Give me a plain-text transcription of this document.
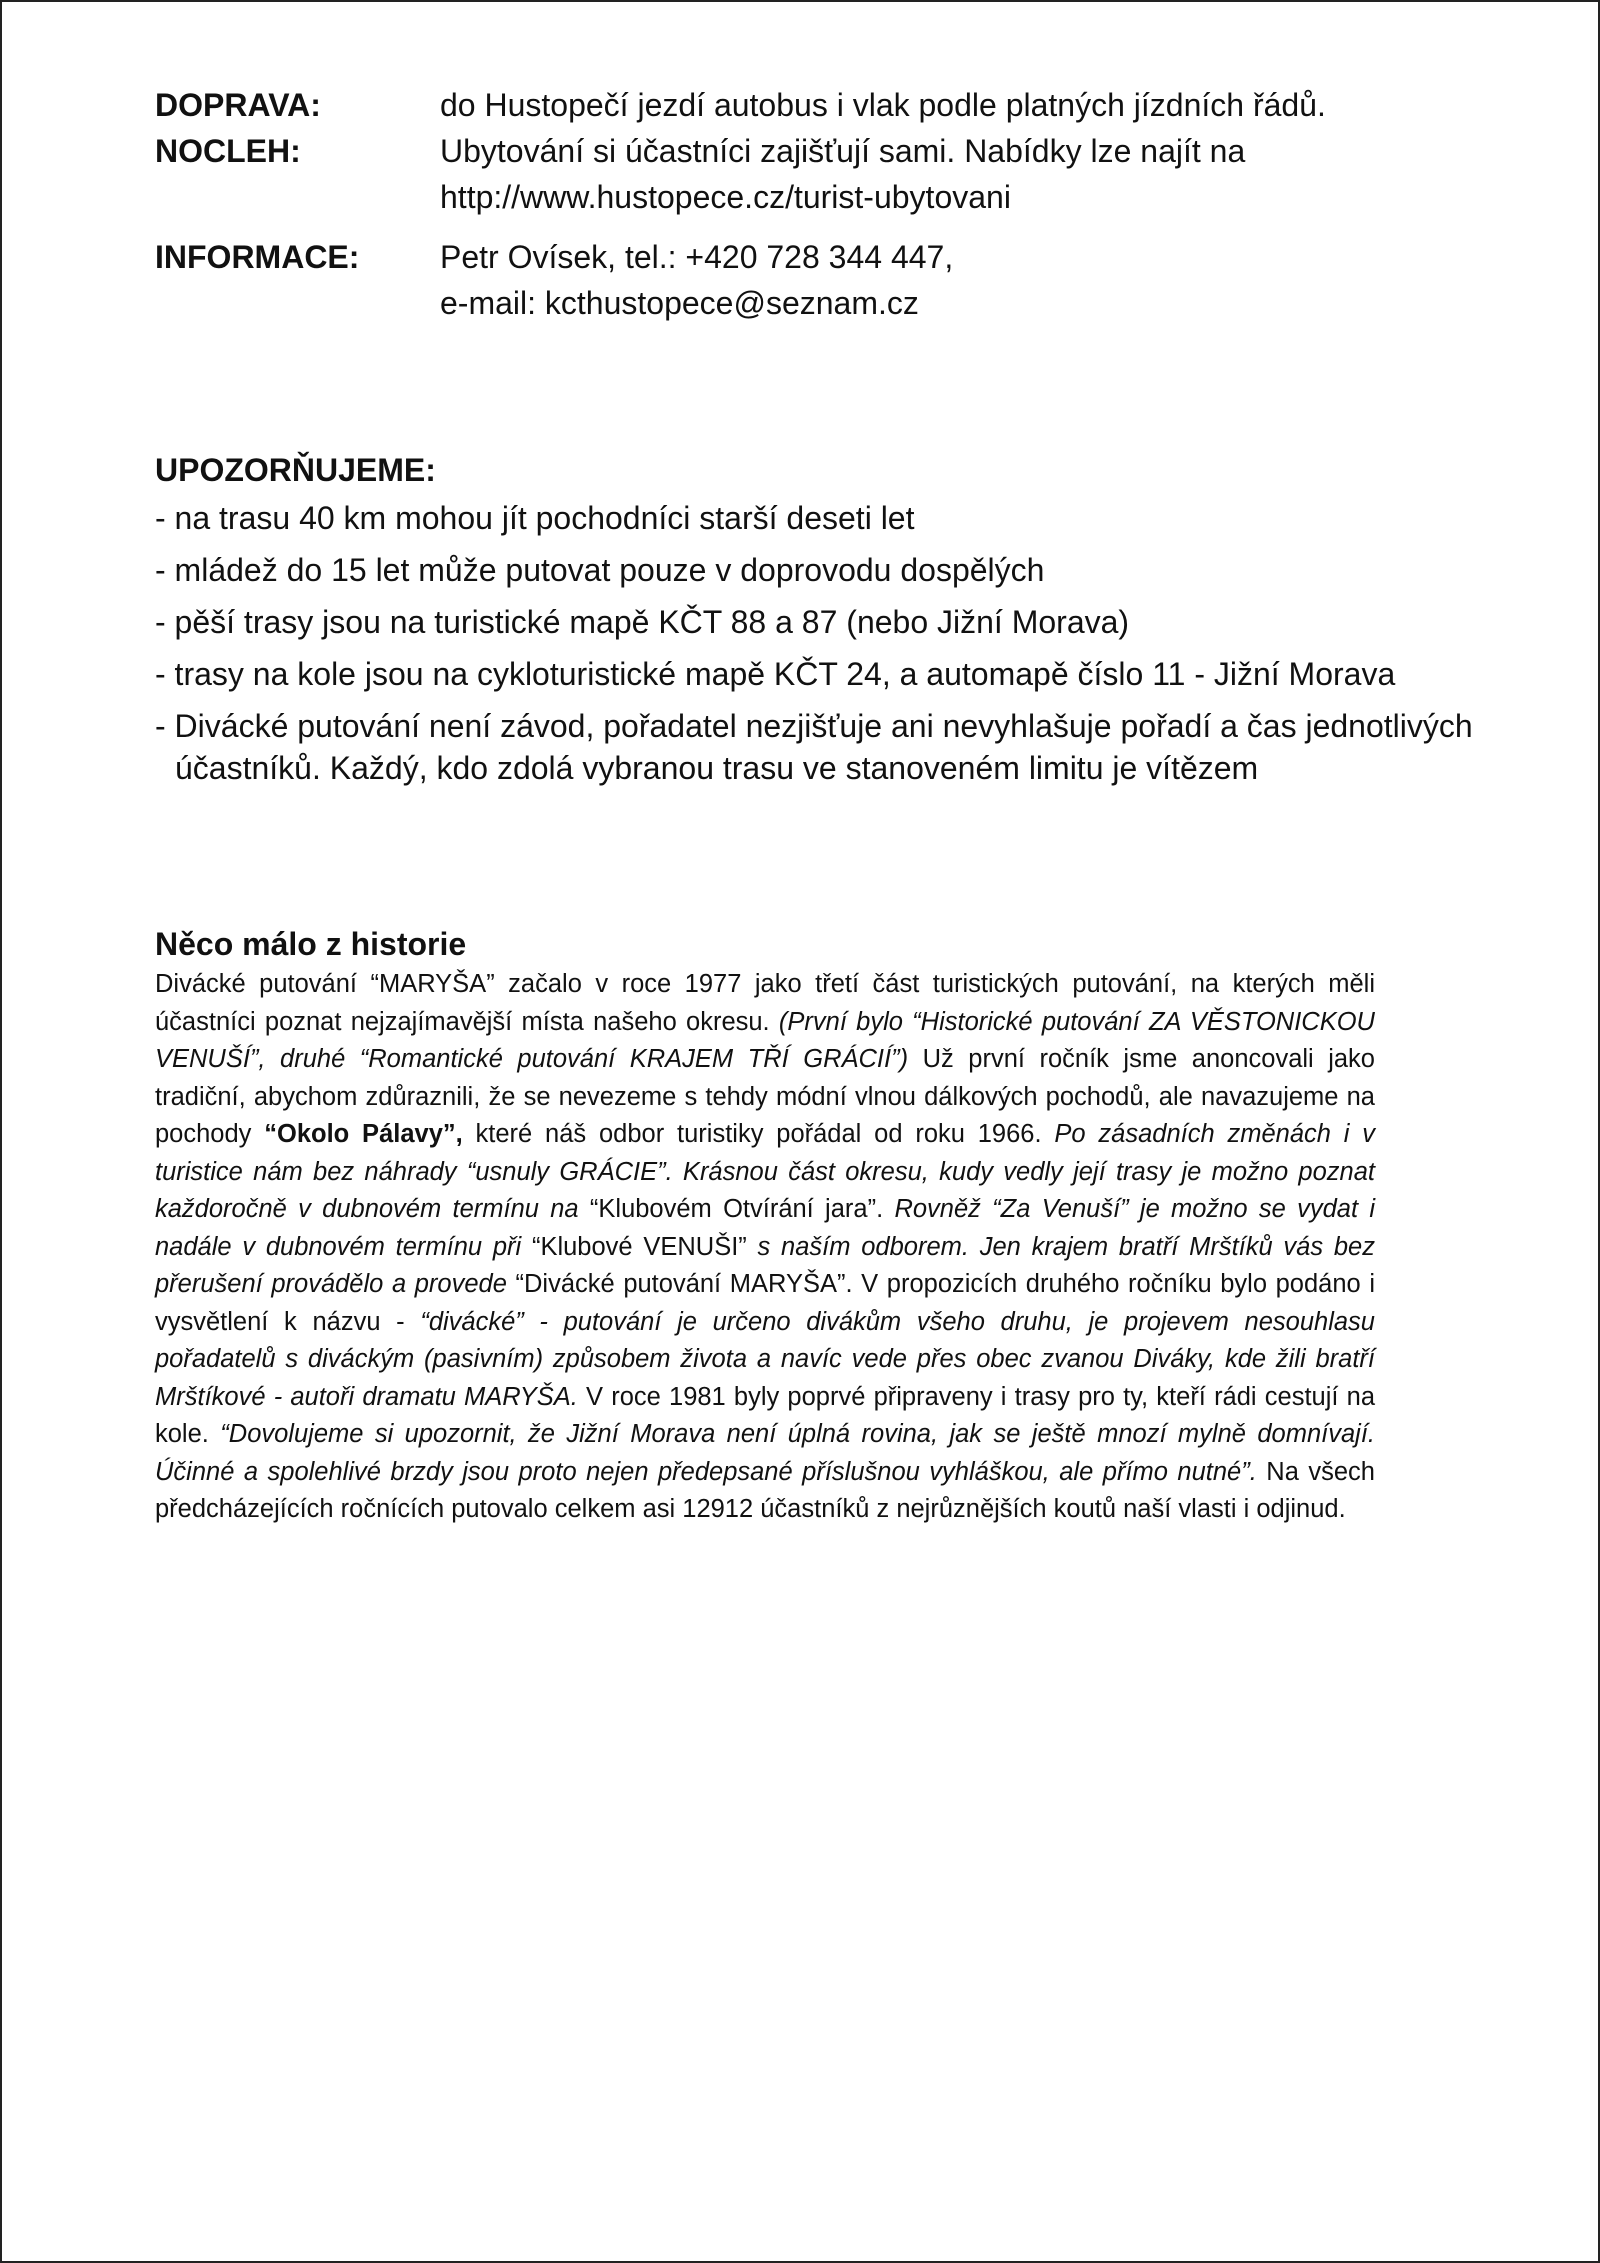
DOPRAVA:	do Hustopečí jezdí autobus i vlak podle platných jízdních řádů.
NOCLEH:	Ubytování si účastníci zajišťují sami. Nabídky lze najít na
http://www.hustopece.cz/turist-ubytovani
INFORMACE:	Petr Ovísek, tel.: +420 728 344 447,
e-mail: kcthustopece@seznam.cz
UPOZORŇUJEME:
- na trasu 40 km mohou jít pochodníci starší deseti let
- mládež do 15 let může putovat pouze v doprovodu dospělých
- pěší trasy jsou na turistické mapě KČT 88 a 87 (nebo Jižní Morava)
- trasy na kole jsou na cykloturistické mapě KČT 24, a automapě číslo 11 - Jižní Morava
- Divácké putování není závod, pořadatel nezjišťuje ani nevyhlašuje pořadí a čas jednotlivých účastníků. Každý, kdo zdolá vybranou trasu ve stanoveném limitu je vítězem
Něco málo z historie

Divácké putování “MARYŠA” začalo v roce 1977 jako třetí část turistických putování, na kterých měli účastníci poznat nejzajímavější místa našeho okresu. (První bylo “Historické putování ZA VĚSTONICKOU VENUŠÍ”, druhé “Romantické putování KRAJEM TŘÍ GRÁCIÍ”) Už první ročník jsme anoncovali jako tradiční, abychom zdůraznili, že se nevezeme s tehdy módní vlnou dálkových pochodů, ale navazujeme na pochody “Okolo Pálavy”, které náš odbor turistiky pořádal od roku 1966. Po zásadních změnách i v turistice nám bez náhrady “usnuly GRÁCIE”. Krásnou část okresu, kudy vedly její trasy je možno poznat každoročně v dubnovém termínu na “Klubovém Otvírání jara”. Rovněž “Za Venuší” je možno se vydat i nadále v dubnovém termínu při “Klubové VENUŠI” s naším odborem. Jen krajem bratří Mrštíků vás bez přerušení provádělo a provede “Divácké putování MARYŠA”. V propozicích druhého ročníku bylo podáno i vysvětlení k názvu - “divácké” - putování je určeno divákům všeho druhu, je projevem nesouhlasu pořadatelů s diváckým (pasivním) způsobem života a navíc vede přes obec zvanou Diváky, kde žili bratří Mrštíkové - autoři dramatu MARYŠA. V roce 1981 byly poprvé připraveny i trasy pro ty, kteří rádi cestují na kole. “Dovolujeme si upozornit, že Jižní Morava není úplná rovina, jak se ještě mnozí mylně domnívají. Účinné a spolehlivé brzdy jsou proto nejen předepsané příslušnou vyhláškou, ale přímo nutné”. Na všech předcházejících ročnících putovalo celkem asi 12912 účastníků z nejrůznějších koutů naší vlasti i odjinud.
